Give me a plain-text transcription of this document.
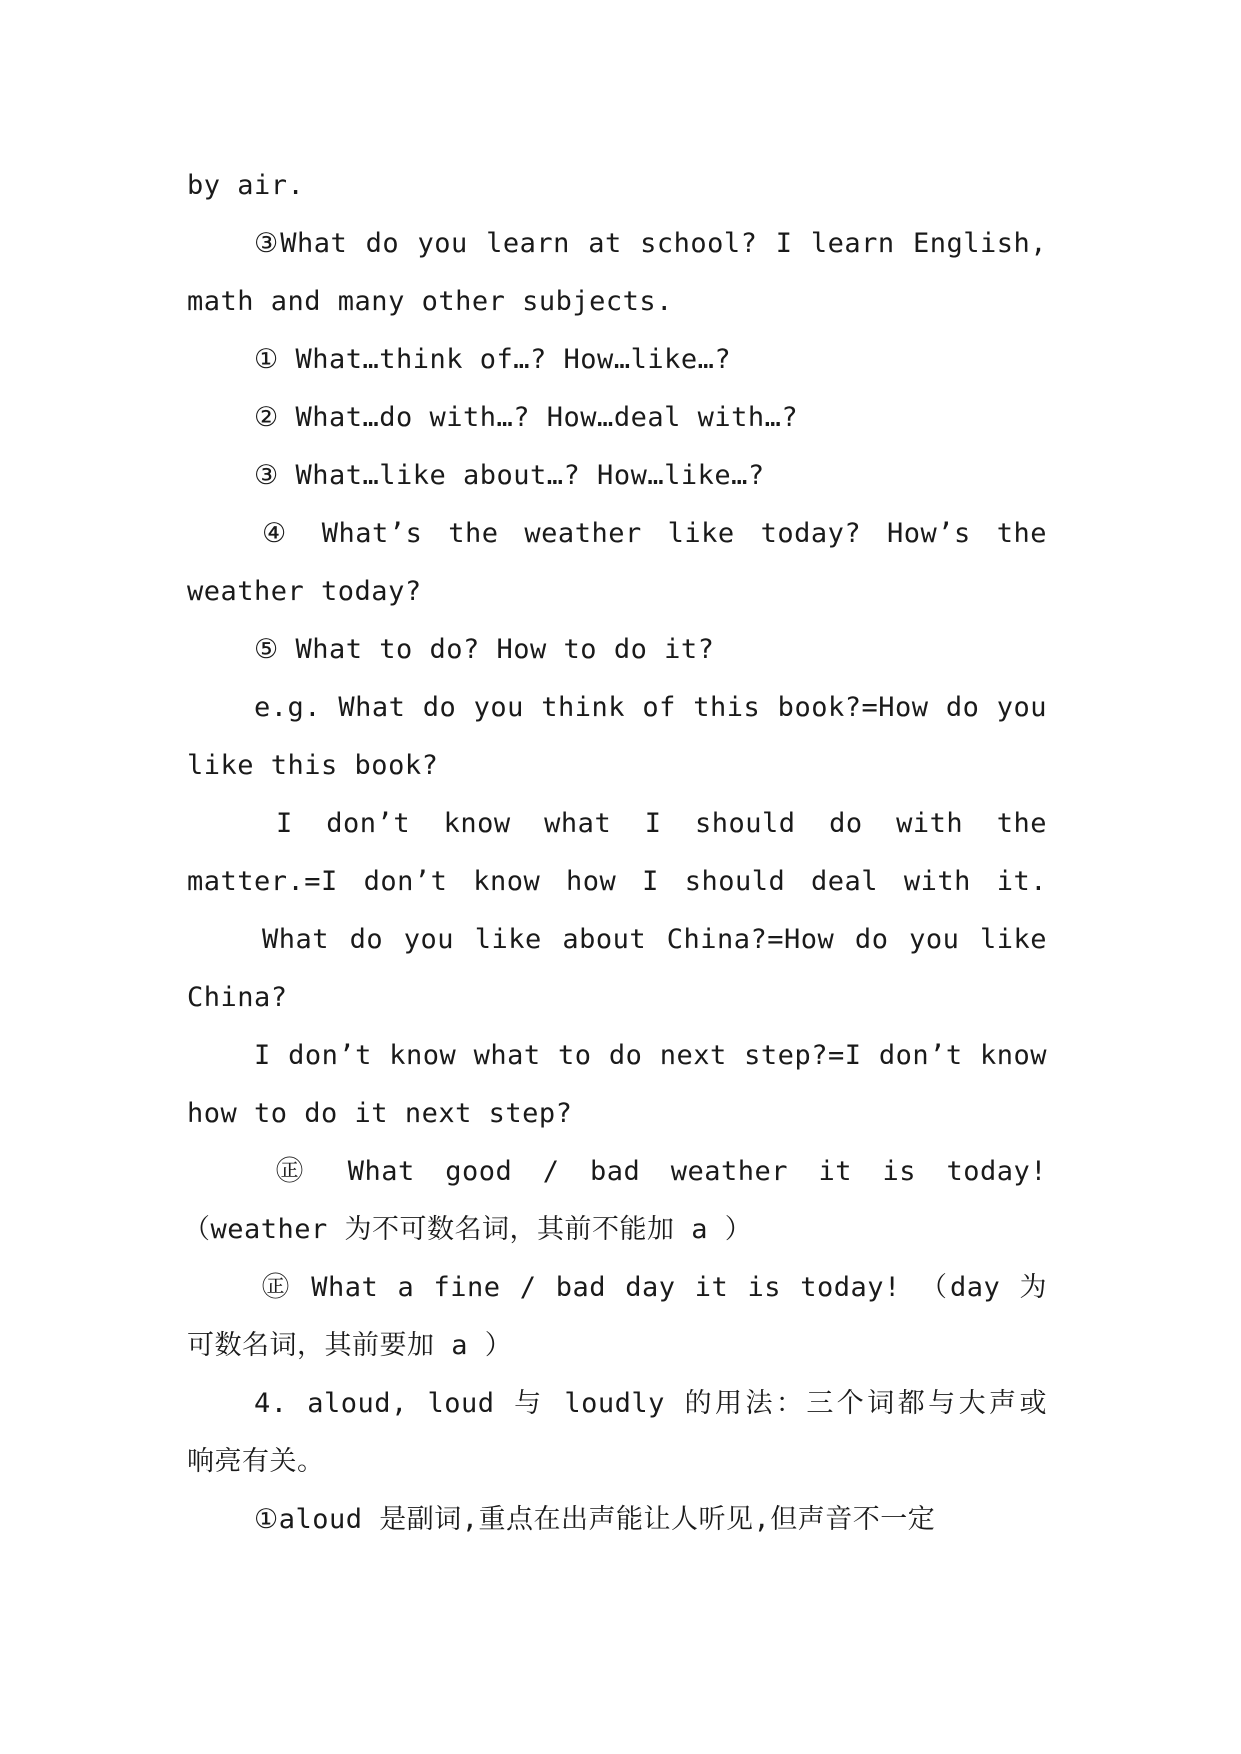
by air.
③What do you learn at school? I learn English,
math and many other subjects.
① What…think of…? How…like…?
② What…do with…? How…deal with…?
③ What…like about…? How…like…?
④ What’s the weather like today? How’s the
weather today?
⑤ What to do? How to do it?
e.g. What do you think of this book?=How do you
like this book?
I don’t know what I should do with the
matter.=I don’t know how I should deal with it.
What do you like about China?=How do you like
China?
I don’t know what to do next step?=I don’t know
how to do it next step?
㊣ What good / bad weather it is today!
（weather 为不可数名词，其前不能加 a ）
㊣ What a fine / bad day it is today! （day 为
可数名词，其前要加 a ）
4. aloud, loud 与 loudly 的用法：三个词都与大声或
响亮有关。
①aloud 是副词,重点在出声能让人听见,但声音不一定
